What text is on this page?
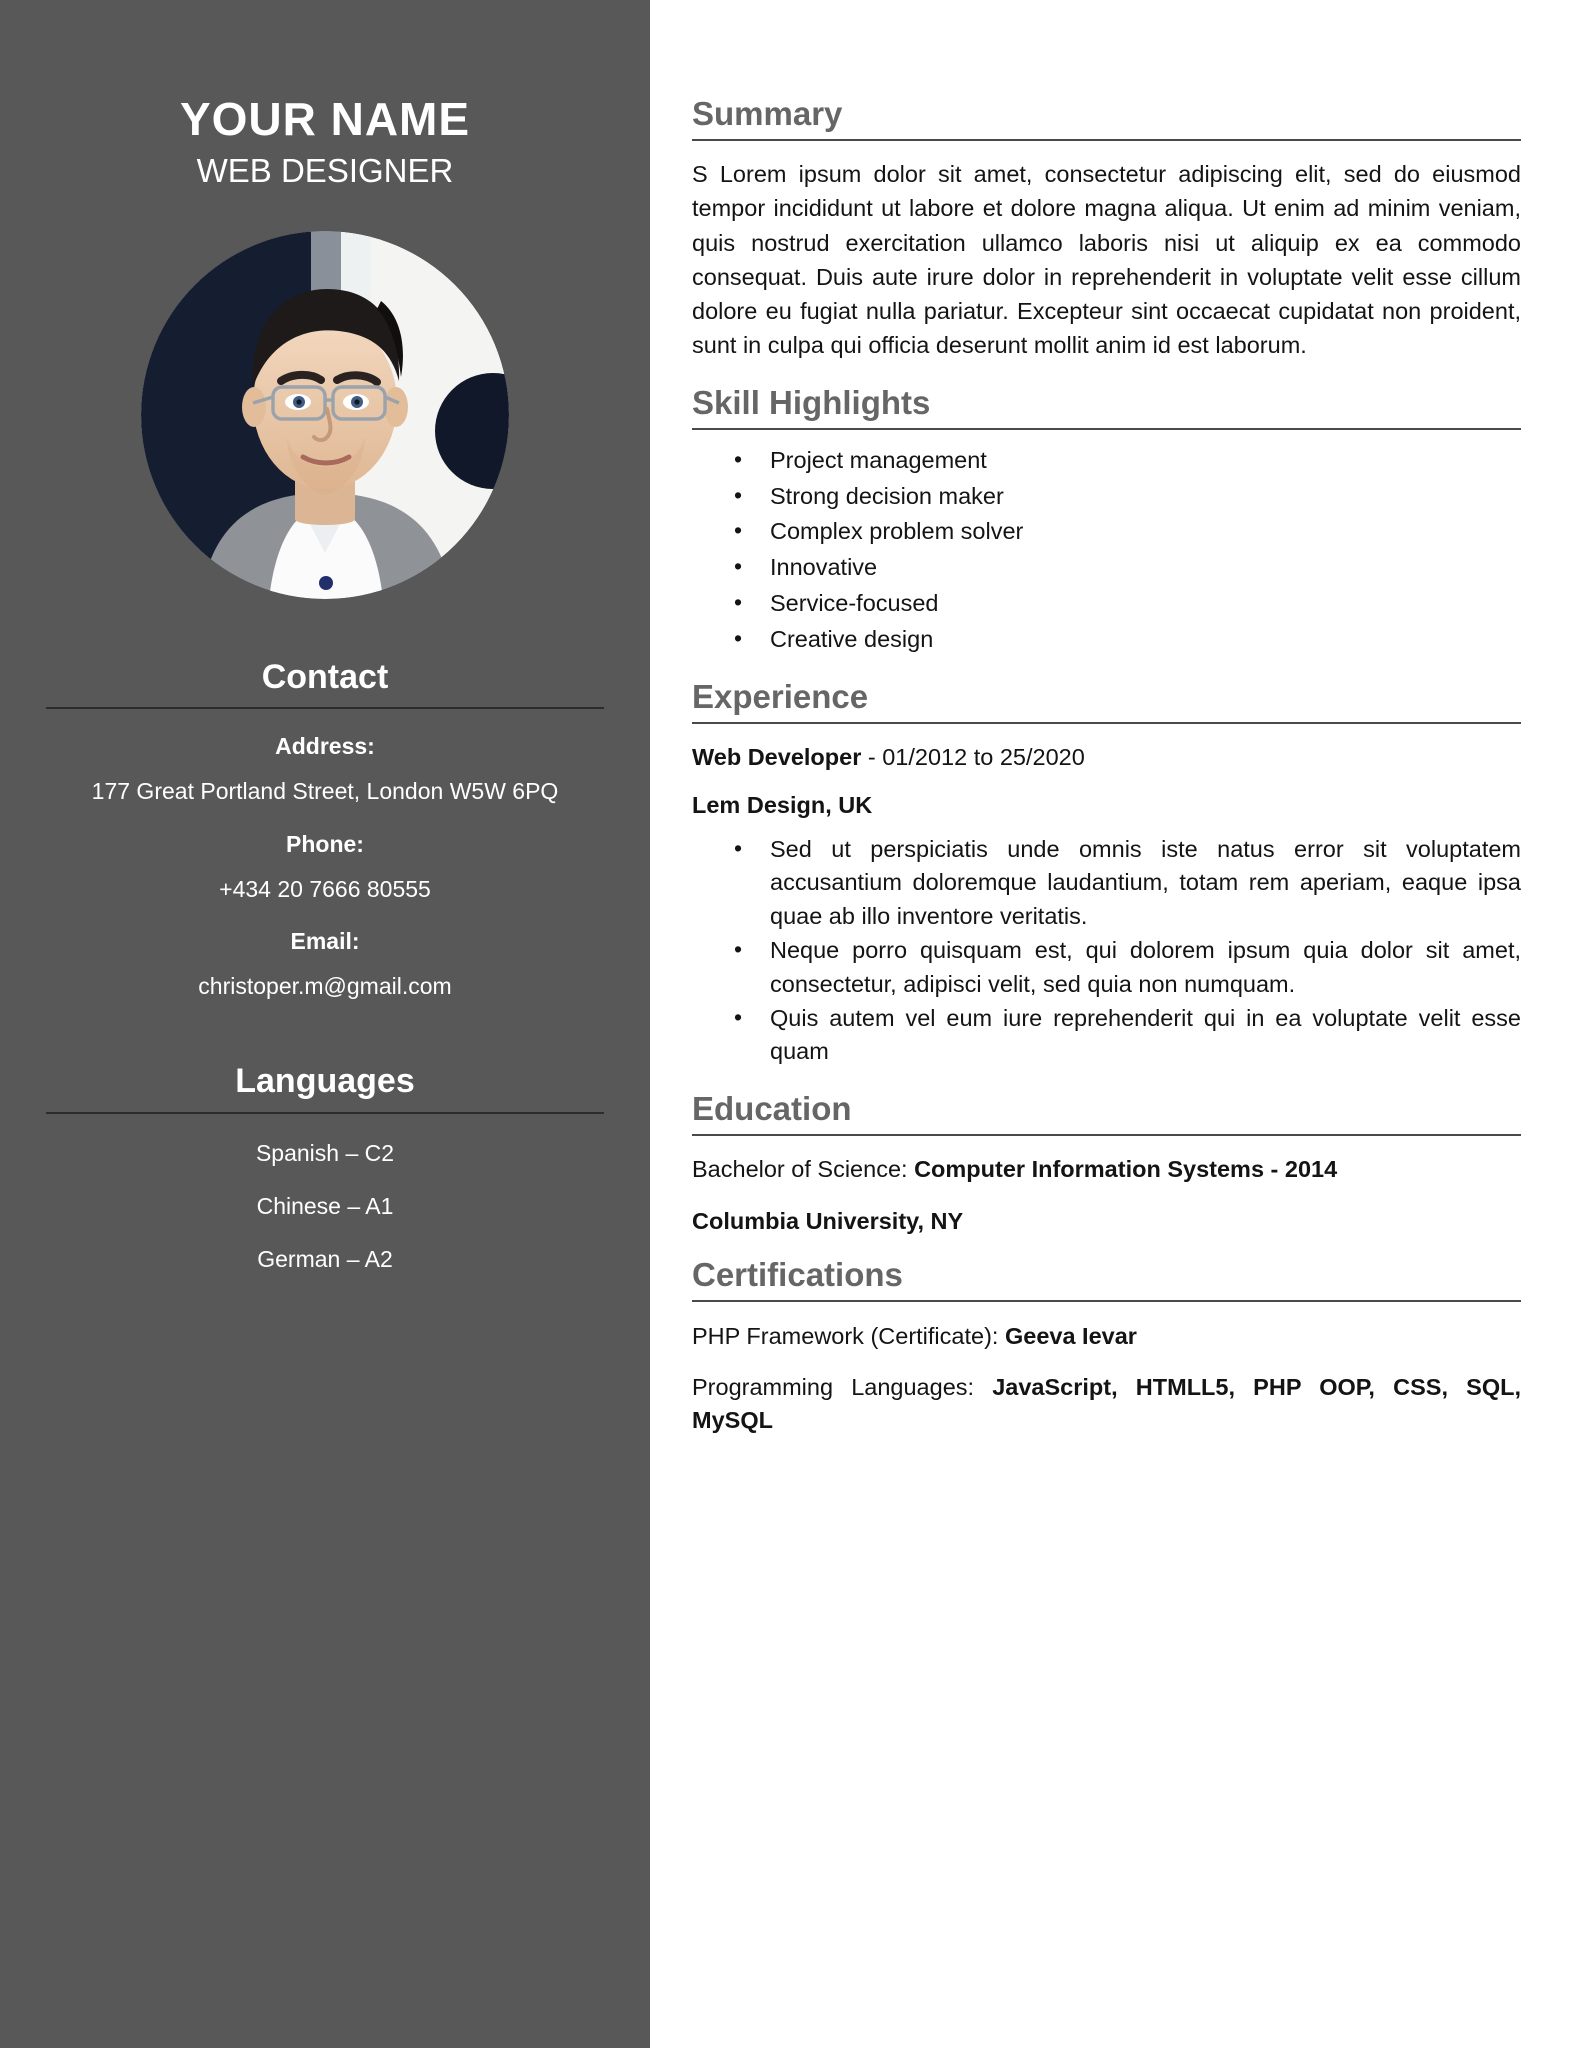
YOUR NAME
WEB DESIGNER
Contact
Address:
177 Great Portland Street, London W5W 6PQ
Phone:
+434 20 7666 80555
Email:
christoper.m@gmail.com
Languages
Spanish – C2
Chinese – A1
German – A2
Summary

S Lorem ipsum dolor sit amet, consectetur adipiscing elit, sed do eiusmod tempor incididunt ut labore et dolore magna aliqua. Ut enim ad minim veniam, quis nostrud exercitation ullamco laboris nisi ut aliquip ex ea commodo consequat. Duis aute irure dolor in reprehenderit in voluptate velit esse cillum dolore eu fugiat nulla pariatur. Excepteur sint occaecat cupidatat non proident, sunt in culpa qui officia deserunt mollit anim id est laborum.

Skill Highlights
• Project management
• Strong decision maker
• Complex problem solver
• Innovative
• Service-focused
• Creative design
Experience
Web Developer - 01/2012 to 25/2020
Lem Design, UK
• Sed ut perspiciatis unde omnis iste natus error sit voluptatem accusantium doloremque laudantium, totam rem aperiam, eaque ipsa quae ab illo inventore veritatis.
• Neque porro quisquam est, qui dolorem ipsum quia dolor sit amet, consectetur, adipisci velit, sed quia non numquam.
• Quis autem vel eum iure reprehenderit qui in ea voluptate velit esse quam
Education
Bachelor of Science: Computer Information Systems - 2014
Columbia University, NY
Certifications
PHP Framework (Certificate): Geeva Ievar
Programming Languages: JavaScript, HTMLL5, PHP OOP, CSS, SQL, MySQL
